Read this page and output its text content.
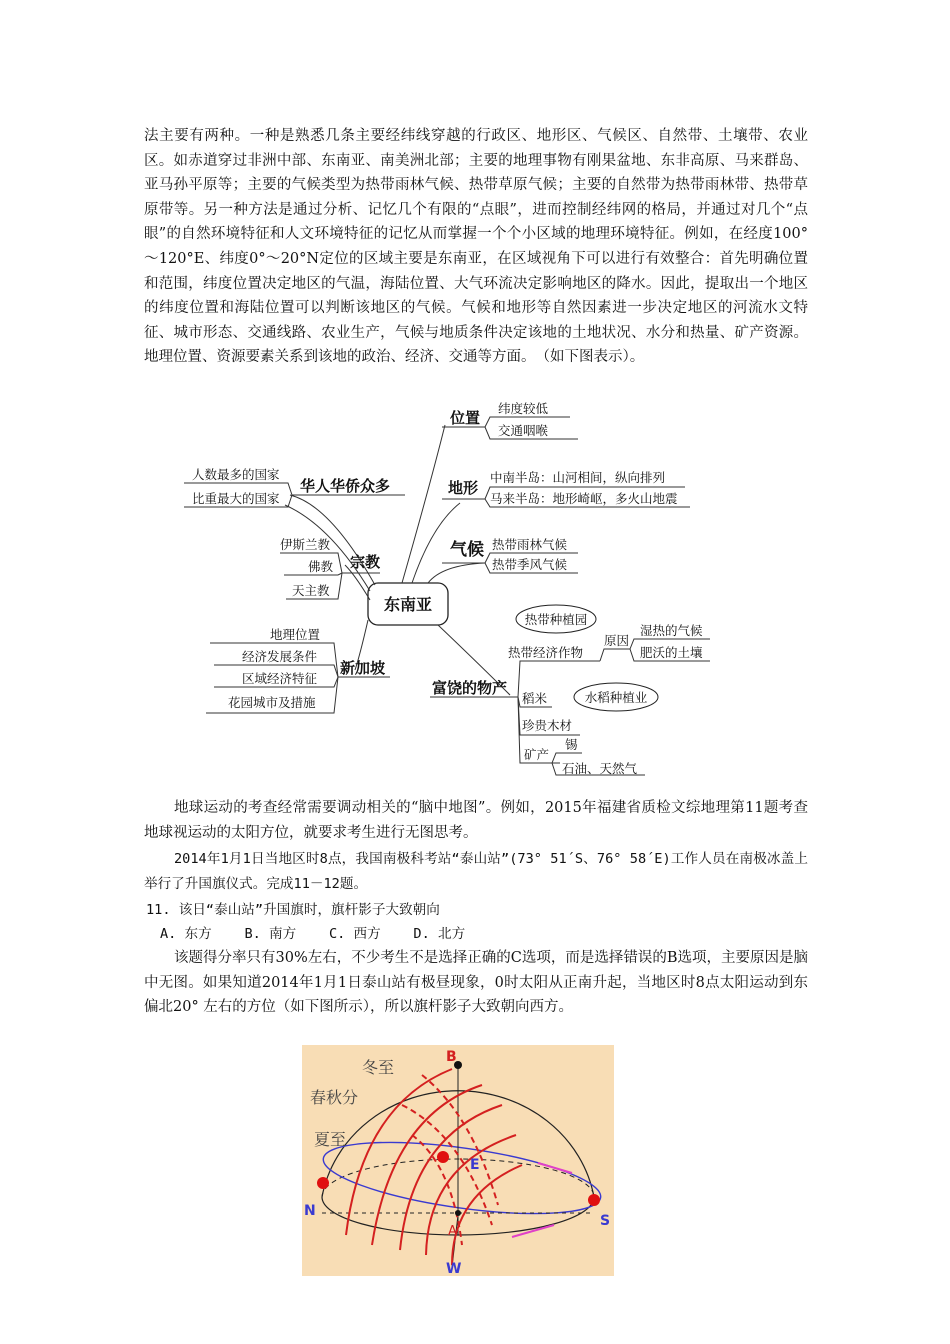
法主要有两种。一种是熟悉几条主要经纬线穿越的行政区、地形区、气候区、自然带、土壤带、农业区。如赤道穿过非洲中部、东南亚、南美洲北部；主要的地理事物有刚果盆地、东非高原、马来群岛、亚马孙平原等；主要的气候类型为热带雨林气候、热带草原气候；主要的自然带为热带雨林带、热带草原带等。另一种方法是通过分析、记忆几个有限的“点眼”，进而控制经纬网的格局，并通过对几个“点眼”的自然环境特征和人文环境特征的记忆从而掌握一个个小区域的地理环境特征。例如，在经度100°～120°E、纬度0°～20°N定位的区域主要是东南亚，在区域视角下可以进行有效整合：首先明确位置和范围，纬度位置决定地区的气温，海陆位置、大气环流决定影响地区的降水。因此，提取出一个地区的纬度位置和海陆位置可以判断该地区的气候。气候和地形等自然因素进一步决定地区的河流水文特征、城市形态、交通线路、农业生产，气候与地质条件决定该地的土地状况、水分和热量、矿产资源。地理位置、资源要素关系到该地的政治、经济、交通等方面。　（如下图表示）。

东南亚
位置
纬度较低
交通咽喉
地形
中南半岛：山河相间，纵向排列
马来半岛：地形崎岖，多火山地震
气候 热带雨林气候
热带季风气候
富饶的物产
热带经济作物
热带种植园
原因
湿热的气候
肥沃的土壤
稻米	水稻种植业
珍贵木材
矿产
锡
石油、天然气
华人华侨众多
人数最多的国家
比重最大的国家
宗教
伊斯兰教
佛教
天主教
新加坡
地理位置
经济发展条件
区域经济特征
花园城市及措施

地球运动的考查经常需要调动相关的“脑中地图”。例如，2015年福建省质检文综地理第11题考查地球视运动的太阳方位，就要求考生进行无图思考。

2014年1月1日当地区时8点，我国南极科考站“泰山站”(73° 51´S、76° 58´E)工作人员在南极冰盖上举行了升国旗仪式。完成11－12题。

11. 该日“泰山站”升国旗时，旗杆影子大致朝向

A. 东方    B. 南方    C. 西方    D. 北方

该题得分率只有30%左右，不少考生不是选择正确的C选项，而是选择错误的B选项，主要原因是脑中无图。如果知道2014年1月1日泰山站有极昼现象，0时太阳从正南升起，当地区时8点太阳运动到东偏北20° 左右的方位（如下图所示），所以旗杆影子大致朝向西方。

冬至
春秋分
夏至
B
E
N
S
A
W
